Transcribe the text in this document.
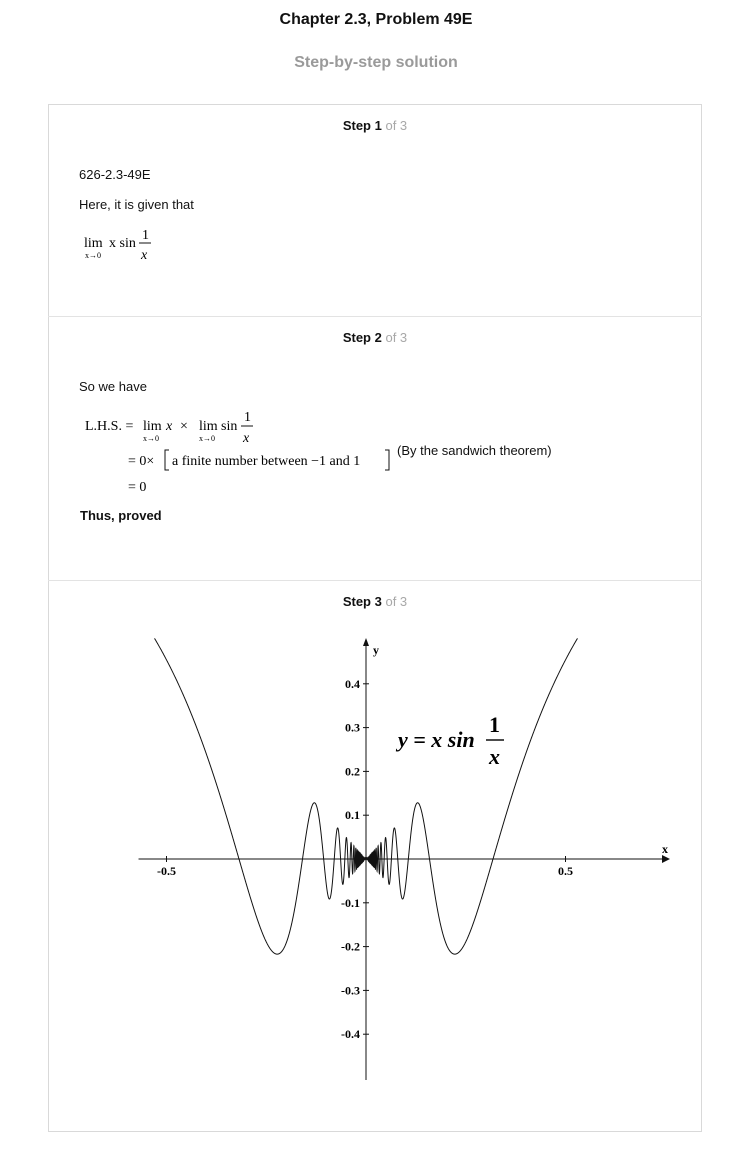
Chapter 2.3, Problem 49E
Step-by-step solution
Step 1 of 3
626-2.3-49E
Here, it is given that
lim
x→0
x sin
1
x
Step 2 of 3
So we have
L.H.S. = lim
x→0
x × lim
x→0
sin
1
x
= 0× a finite number between −1 and 1
= 0
(By the sandwich theorem)
Thus, proved
Step 3 of 3
x
y
-0.5	0.5
0.4
0.3
0.2
0.1
-0.1
-0.2
-0.3
-0.4
y = x sin
1
x
